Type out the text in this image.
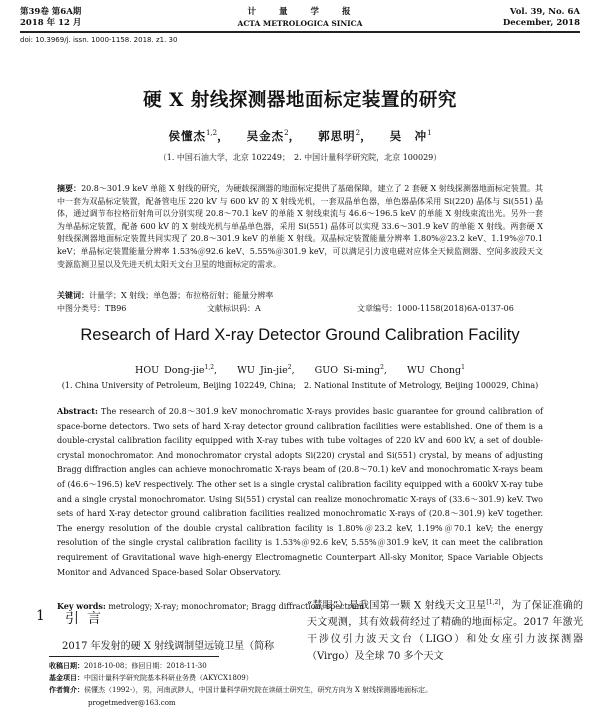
第39卷 第6A期
2018 年 12 月
计　　量　　学　　报
ACTA METROLOGICA SINICA
Vol. 39, No. 6A
December, 2018
doi: 10.3969/j. issn. 1000-1158. 2018. z1. 30
硬 X 射线探测器地面标定装置的研究
侯懂杰$^{1,2}$， 吴金杰$^2$， 郭思明$^2$， 吴　冲$^1$
（1. 中国石油大学，北京 102249；　2. 中国计量科学研究院，北京 100029）
摘要：20.8～301.9 keV 单能 X 射线的研究，为硬载探测器的地面标定提供了基础保障，建立了 2 套硬 X 射线探测器地面标定装置。其中一套为双晶标定装置，配备管电压 220 kV 与 600 kV 的 X 射线光机，一套双晶单色器，单色器晶体采用 Si(220) 晶体与 Si(551) 晶体，通过调节布拉格衍射角可以分别实现 20.8～70.1 keV 的单能 X 射线束流与 46.6～196.5 keV 的单能 X 射线束流出光。另外一套为单晶标定装置，配备 600 kV 的 X 射线光机与单晶单色器，采用 Si(551) 晶体可以实现 33.6～301.9 keV 的单能 X 射线。两套硬 X 射线探测器地面标定装置共同实现了 20.8～301.9 keV 的单能 X 射线。双晶标定装置能量分辨率 1.80%＠23.2 keV、1.19%＠70.1 keV；单晶标定装置能量分辨率 1.53%＠92.6 keV、5.55%＠301.9 keV，可以满足引力波电磁对应体全天候监测器、空间多波段天文变源监测卫星以及先进天机太阳天文台卫星的地面标定的需求。
关键词：计量学；X 射线；单色器；布拉格衍射；能量分辨率
中图分类号：TB96	文献标识码：A	文章编号：1000-1158(2018)6A-0137-06
Research of Hard X-ray Detector Ground Calibration Facility
HOU Dong-jie$^{1,2}$,    WU Jin-jie$^2$,    GUO Si-ming$^2$,    WU Chong$^1$
(1. China University of Petroleum, Beijing 102249, China;　2. National Institute of Metrology, Beijing 100029, China)
Abstract: The research of 20.8～301.9 keV monochromatic X-rays provides basic guarantee for ground calibration of space-borne detectors. Two sets of hard X-ray detector ground calibration facilities were established. One of them is a double-crystal calibration facility equipped with X-ray tubes with tube voltages of 220 kV and 600 kV, a set of double-crystal monochromator. And monochromator crystal adopts Si(220) crystal and Si(551) crystal, by means of adjusting Bragg diffraction angles can achieve monochromatic X-rays beam of (20.8～70.1) keV and monochromatic X-rays beam of (46.6～196.5) keV respectively. The other set is a single crystal calibration facility equipped with a 600kV X-ray tube and a single crystal monochromator. Using Si(551) crystal can realize monochromatic X-rays of (33.6～301.9) keV. Two sets of hard X-ray detector ground calibration facilities realized monochromatic X-rays of (20.8～301.9) keV together. The energy resolution of the double crystal calibration facility is 1.80%＠23.2 keV, 1.19%＠70.1 keV; the energy resolution of the single crystal calibration facility is 1.53%＠92.6 keV, 5.55%＠301.9 keV, it can meet the calibration requirement of Gravitational wave high-energy Electromagnetic Counterpart All-sky Monitor, Space Variable Objects Monitor and Advanced Space-based Solar Observatory.
Key words: metrology; X-ray; monochromator; Bragg diffraction; spectrum
1 引言
2017 年发射的硬 X 射线调制望远镜卫星（简称
“慧眼”）是我国第一颗 X 射线天文卫星[1,2]，为了保证准确的天文观测，其有效载荷经过了精确的地面标定。2017 年激光干涉仪引力波天文台（LIGO）和处女座引力波探测器（Virgo）及全球 70 多个天文
收稿日期：2018-10-08；修回日期：2018-11-30
基金项目：中国计量科学研究院基本科研业务费（AKYCX1809）
作者简介：侯懂杰（1992-），男，河南武陟人，中国计量科学研究院在读硕士研究生，研究方向为 X 射线探测器地面标定。
progetmedver@163.com
